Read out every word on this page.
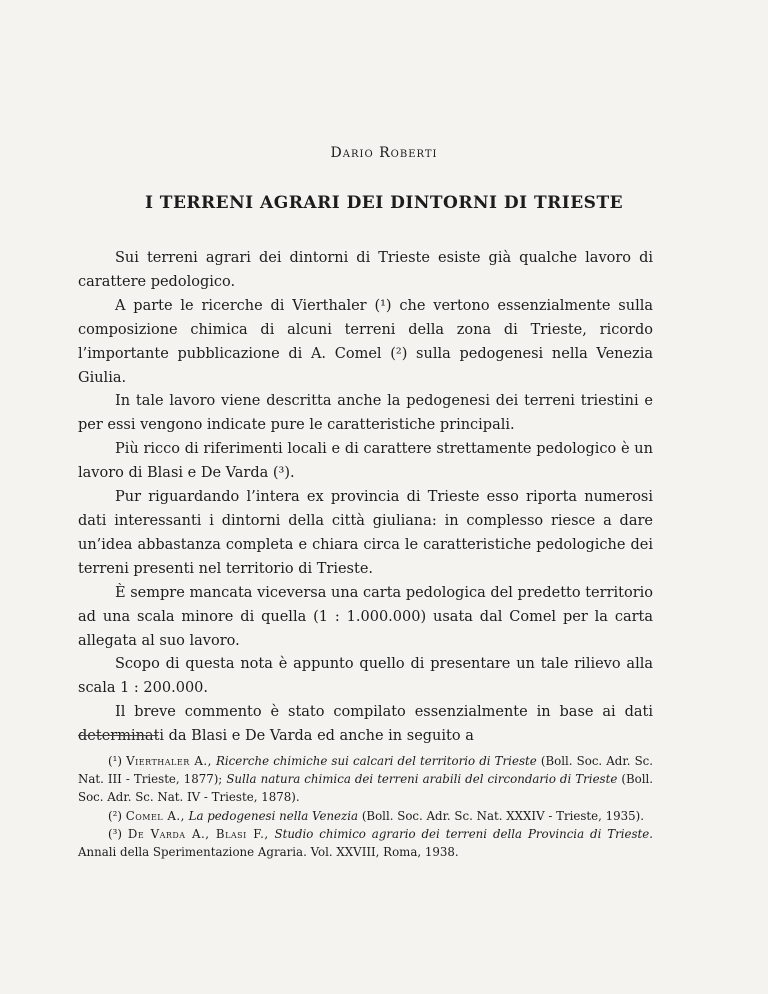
Dario Roberti
I TERRENI AGRARI DEI DINTORNI DI TRIESTE

Sui terreni agrari dei dintorni di Trieste esiste già qualche lavoro di carattere pedologico.

A parte le ricerche di Vierthaler (¹) che vertono essenzialmente sulla composizione chimica di alcuni terreni della zona di Trieste, ricordo l’importante pubblicazione di A. Comel (²) sulla pedogenesi nella Venezia Giulia.

In tale lavoro viene descritta anche la pedogenesi dei terreni triestini e per essi vengono indicate pure le caratteristiche principali.

Più ricco di riferimenti locali e di carattere strettamente pedologico è un lavoro di Blasi e De Varda (³).

Pur riguardando l’intera ex provincia di Trieste esso riporta numerosi dati interessanti i dintorni della città giuliana: in complesso riesce a dare un’idea abbastanza completa e chiara circa le caratteristiche pedologiche dei terreni presenti nel territorio di Trieste.

È sempre mancata viceversa una carta pedologica del predetto territorio ad una scala minore di quella (1 : 1.000.000) usata dal Comel per la carta allegata al suo lavoro.

Scopo di questa nota è appunto quello di presentare un tale rilievo alla scala 1 : 200.000.

Il breve commento è stato compilato essenzialmente in base ai dati determinati da Blasi e De Varda ed anche in seguito a

(¹) Vierthaler A., Ricerche chimiche sui calcari del territorio di Trieste (Boll. Soc. Adr. Sc. Nat. III - Trieste, 1877); Sulla natura chimica dei terreni arabili del circondario di Trieste (Boll. Soc. Adr. Sc. Nat. IV - Trieste, 1878).

(²) Comel A., La pedogenesi nella Venezia (Boll. Soc. Adr. Sc. Nat. XXXIV - Trieste, 1935).

(³) De Varda A., Blasi F., Studio chimico agrario dei terreni della Provincia di Trieste. Annali della Sperimentazione Agraria. Vol. XXVIII, Roma, 1938.
